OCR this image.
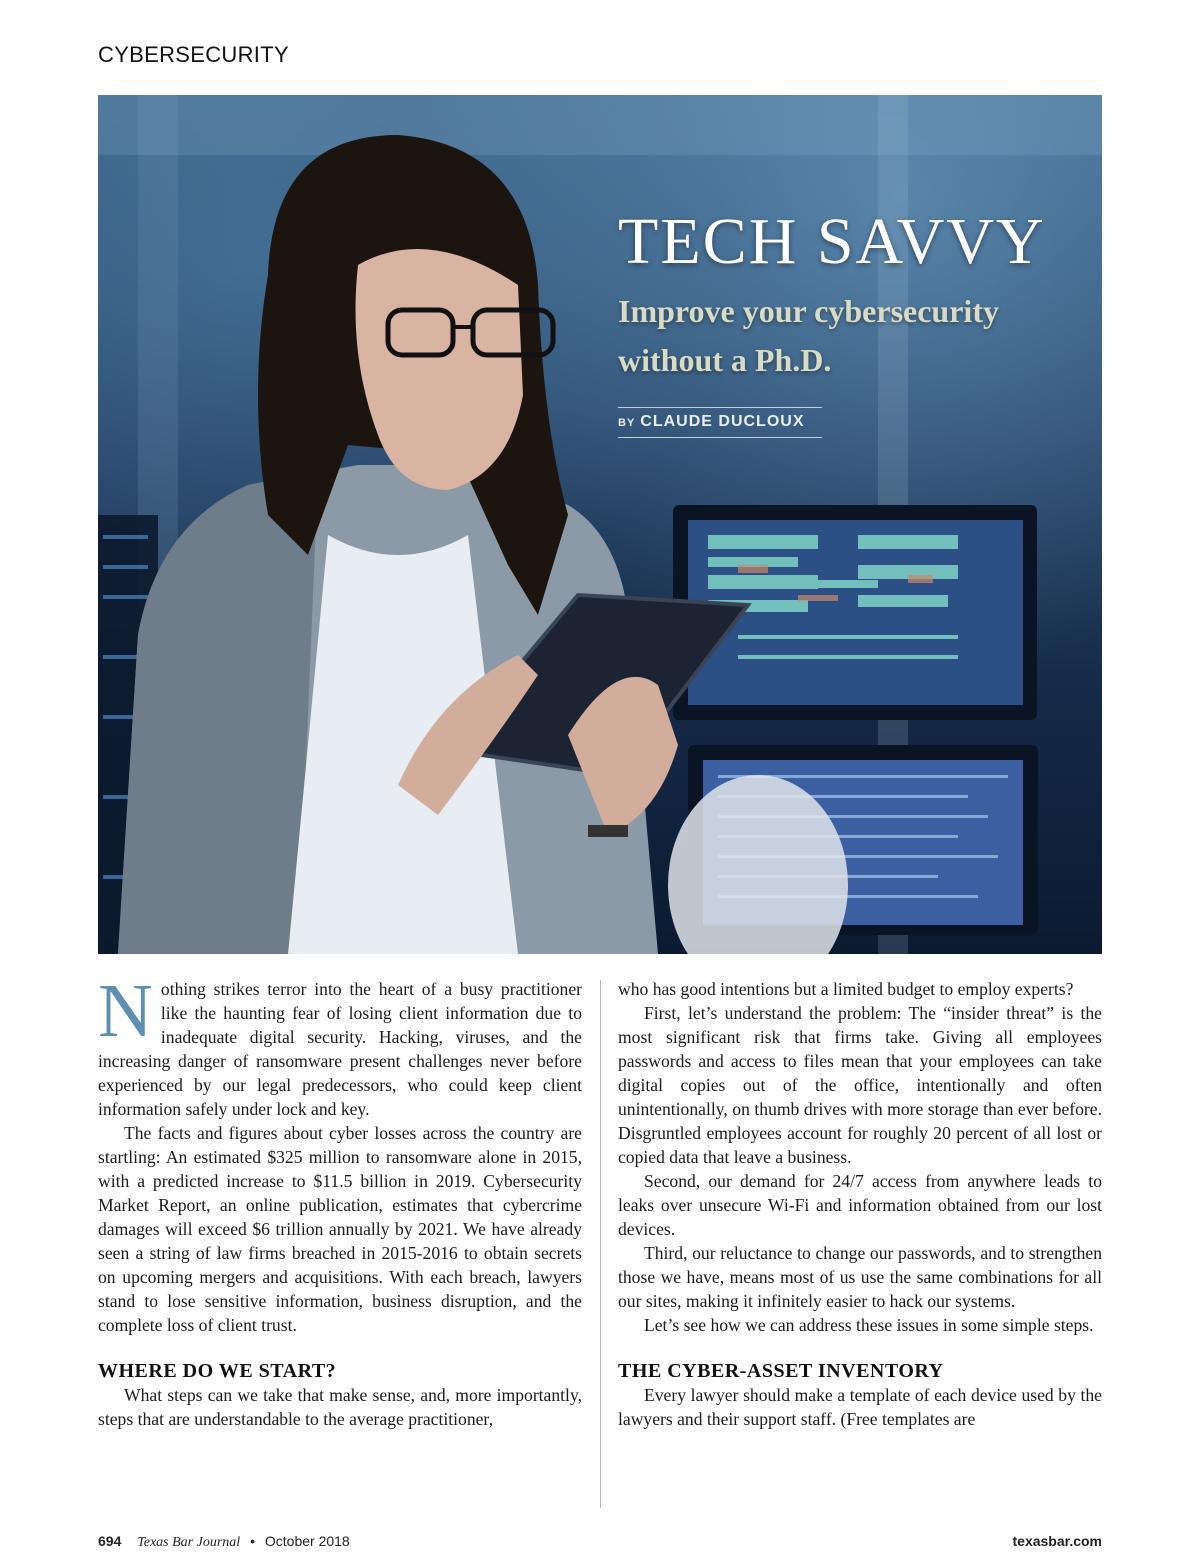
CYBERSECURITY
TECH SAVVY
Improve your cybersecurity
without a Ph.D.
BY CLAUDE DUCLOUX

Nothing strikes terror into the heart of a busy practitioner like the haunting fear of losing client information due to inadequate digital security. Hacking, viruses, and the increasing danger of ransomware present challenges never before experienced by our legal predecessors, who could keep client information safely under lock and key.

The facts and figures about cyber losses across the country are startling: An estimated $325 million to ransomware alone in 2015, with a predicted increase to $11.5 billion in 2019. Cybersecurity Market Report, an online publication, estimates that cybercrime damages will exceed $6 trillion annually by 2021. We have already seen a string of law firms breached in 2015-2016 to obtain secrets on upcoming mergers and acquisitions. With each breach, lawyers stand to lose sensitive information, business disruption, and the complete loss of client trust.

WHERE DO WE START?

What steps can we take that make sense, and, more importantly, steps that are understandable to the average practitioner,

who has good intentions but a limited budget to employ experts?

First, let’s understand the problem: The “insider threat” is the most significant risk that firms take. Giving all employees passwords and access to files mean that your employees can take digital copies out of the office, intentionally and often unintentionally, on thumb drives with more storage than ever before. Disgruntled employees account for roughly 20 percent of all lost or copied data that leave a business.

Second, our demand for 24/7 access from anywhere leads to leaks over unsecure Wi-Fi and information obtained from our lost devices.

Third, our reluctance to change our passwords, and to strengthen those we have, means most of us use the same combinations for all our sites, making it infinitely easier to hack our systems.

Let’s see how we can address these issues in some simple steps.

THE CYBER-ASSET INVENTORY

Every lawyer should make a template of each device used by the lawyers and their support staff. (Free templates are

694 Texas Bar Journal • October 2018	texasbar.com
